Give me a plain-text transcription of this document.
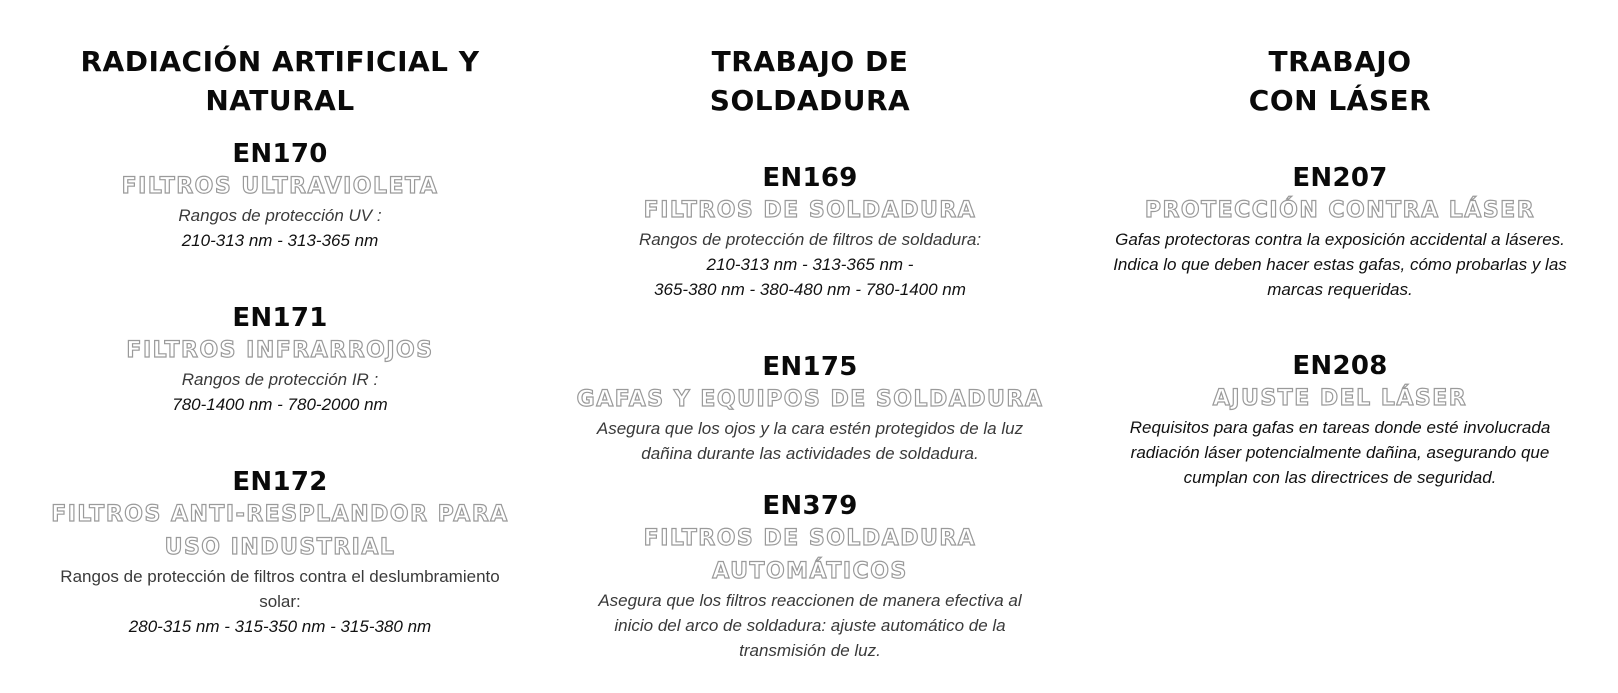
RADIACIÓN ARTIFICIAL Y
NATURAL

EN170

FILTROS ULTRAVIOLETA

Rangos de protección UV :

210-313 nm - 313-365 nm

EN171

FILTROS INFRARROJOS

Rangos de protección IR :

780-1400 nm - 780-2000 nm

EN172

FILTROS ANTI-RESPLANDOR PARA

USO INDUSTRIAL

Rangos de protección de filtros contra el deslumbramiento

solar:

280-315 nm - 315-350 nm - 315-380 nm

TRABAJO DE
SOLDADURA

EN169

FILTROS DE SOLDADURA

Rangos de protección de filtros de soldadura:

210-313 nm - 313-365 nm -

365-380 nm - 380-480 nm - 780-1400 nm

EN175

GAFAS Y EQUIPOS DE SOLDADURA

Asegura que los ojos y la cara estén protegidos de la luz

dañina durante las actividades de soldadura.

EN379

FILTROS DE SOLDADURA

AUTOMÁTICOS

Asegura que los filtros reaccionen de manera efectiva al

inicio del arco de soldadura: ajuste automático de la

transmisión de luz.

TRABAJO
CON LÁSER

EN207

PROTECCIÓN CONTRA LÁSER

Gafas protectoras contra la exposición accidental a láseres.

Indica lo que deben hacer estas gafas, cómo probarlas y las

marcas requeridas.

EN208

AJUSTE DEL LÁSER

Requisitos para gafas en tareas donde esté involucrada

radiación láser potencialmente dañina, asegurando que

cumplan con las directrices de seguridad.
